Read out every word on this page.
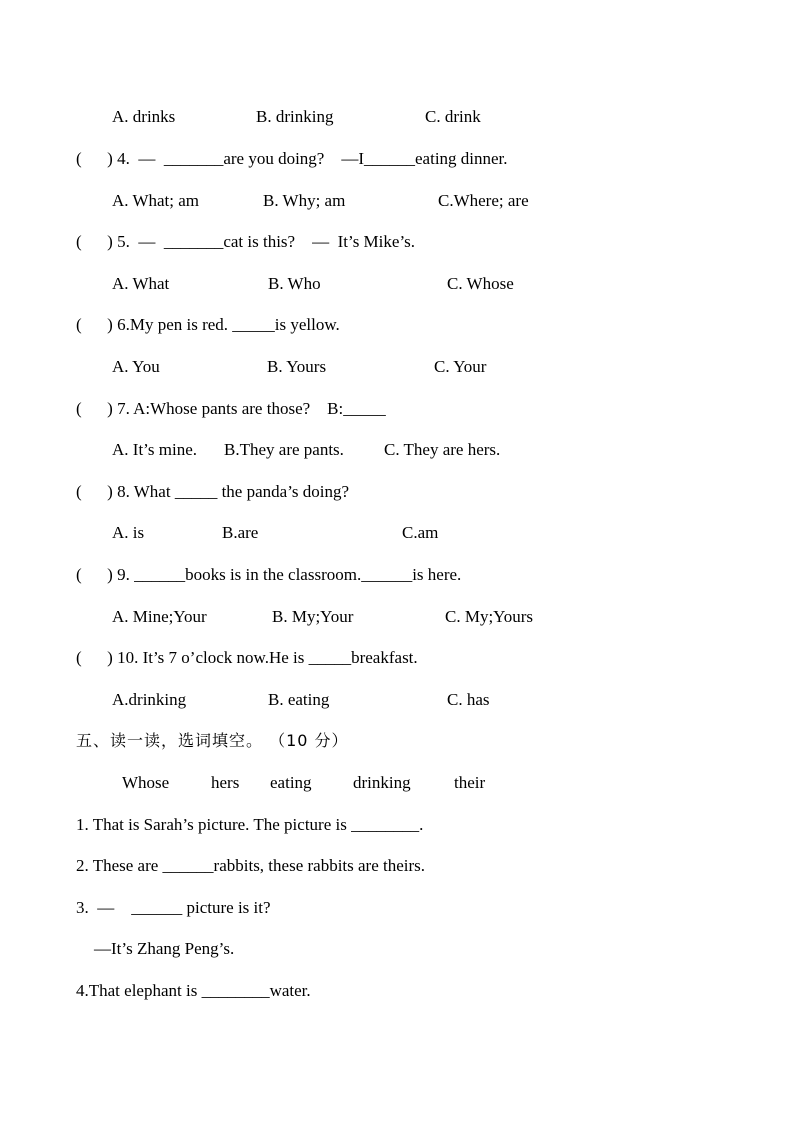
A. drinks	B. drinking	C. drink
(      ) 4.  —  _______are you doing?    —I______eating dinner.
A. What; am	B. Why; am	C.Where; are
(      ) 5.  —  _______cat is this?    —  It’s Mike’s.
A. What	B. Who	C. Whose
(      ) 6.My pen is red. _____is yellow.
A. You	B. Yours	C. Your
(      ) 7. A:Whose pants are those?    B:_____
A. It’s mine. B.They are pants. C. They are hers.
(      ) 8. What _____ the panda’s doing?
A. is	B.are	C.am
(      ) 9. ______books is in the classroom.______is here.
A. Mine;Your	B. My;Your	C. My;Yours
(      ) 10. It’s 7 o’clock now.He is _____breakfast.
A.drinking	B. eating	C. has
五、读一读，选词填空。 （10 分）
Whose hers eating drinking	their
1. That is Sarah’s picture. The picture is ________.
2. These are ______rabbits, these rabbits are theirs.
3.  —    ______ picture is it?
—It’s Zhang Peng’s.
4.That elephant is ________water.
